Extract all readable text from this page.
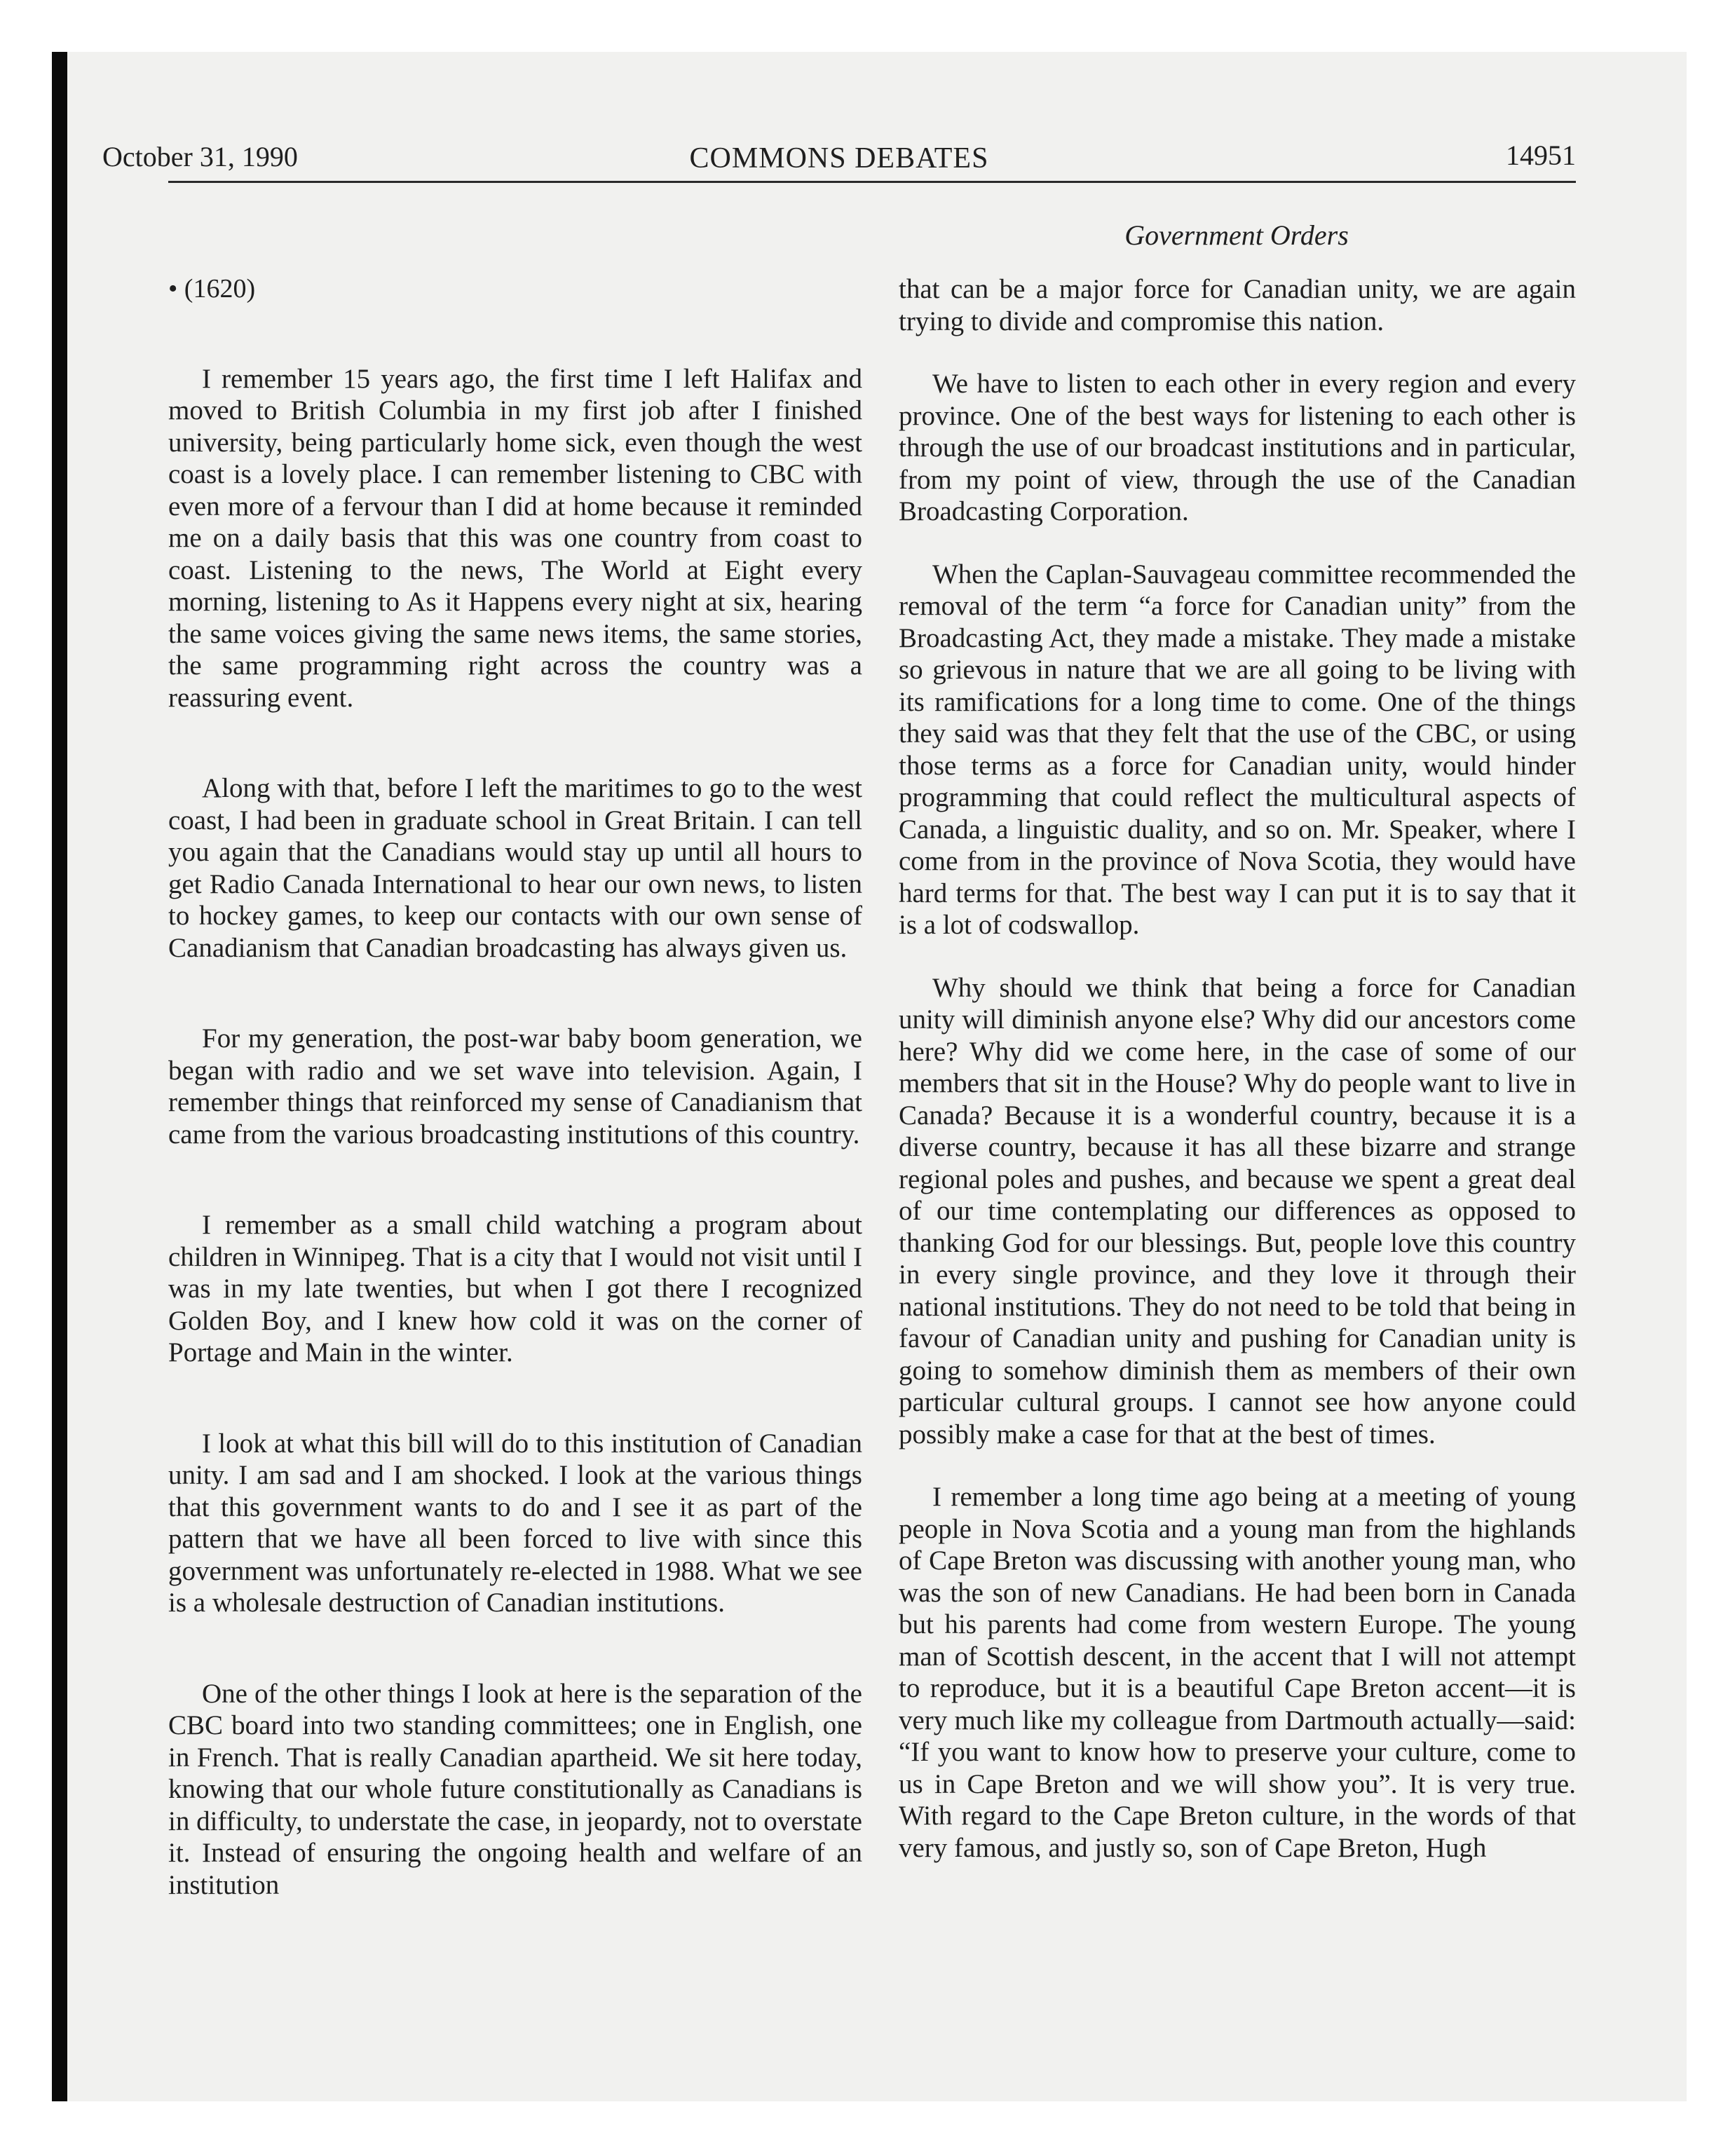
October 31, 1990	COMMONS DEBATES	14951
Government Orders
• (1620)

I remember 15 years ago, the first time I left Halifax and moved to British Columbia in my first job after I finished university, being particularly home sick, even though the west coast is a lovely place. I can remember listening to CBC with even more of a fervour than I did at home because it reminded me on a daily basis that this was one country from coast to coast. Listening to the news, The World at Eight every morning, listening to As it Happens every night at six, hearing the same voices giving the same news items, the same stories, the same programming right across the country was a reassuring event.

Along with that, before I left the maritimes to go to the west coast, I had been in graduate school in Great Britain. I can tell you again that the Canadians would stay up until all hours to get Radio Canada International to hear our own news, to listen to hockey games, to keep our contacts with our own sense of Canadianism that Canadian broadcasting has always given us.

For my generation, the post-war baby boom generation, we began with radio and we set wave into television. Again, I remember things that reinforced my sense of Canadianism that came from the various broadcasting institutions of this country.

I remember as a small child watching a program about children in Winnipeg. That is a city that I would not visit until I was in my late twenties, but when I got there I recognized Golden Boy, and I knew how cold it was on the corner of Portage and Main in the winter.

I look at what this bill will do to this institution of Canadian unity. I am sad and I am shocked. I look at the various things that this government wants to do and I see it as part of the pattern that we have all been forced to live with since this government was unfortunately re-elected in 1988. What we see is a wholesale destruction of Canadian institutions.

One of the other things I look at here is the separation of the CBC board into two standing committees; one in English, one in French. That is really Canadian apartheid. We sit here today, knowing that our whole future constitutionally as Canadians is in difficulty, to understate the case, in jeopardy, not to overstate it. Instead of ensuring the ongoing health and welfare of an institution

that can be a major force for Canadian unity, we are again trying to divide and compromise this nation.

We have to listen to each other in every region and every province. One of the best ways for listening to each other is through the use of our broadcast institutions and in particular, from my point of view, through the use of the Canadian Broadcasting Corporation.

When the Caplan-Sauvageau committee recommended the removal of the term “a force for Canadian unity” from the Broadcasting Act, they made a mistake. They made a mistake so grievous in nature that we are all going to be living with its ramifications for a long time to come. One of the things they said was that they felt that the use of the CBC, or using those terms as a force for Canadian unity, would hinder programming that could reflect the multicultural aspects of Canada, a linguistic duality, and so on. Mr. Speaker, where I come from in the province of Nova Scotia, they would have hard terms for that. The best way I can put it is to say that it is a lot of codswallop.

Why should we think that being a force for Canadian unity will diminish anyone else? Why did our ancestors come here? Why did we come here, in the case of some of our members that sit in the House? Why do people want to live in Canada? Because it is a wonderful country, because it is a diverse country, because it has all these bizarre and strange regional poles and pushes, and because we spent a great deal of our time contemplating our differences as opposed to thanking God for our blessings. But, people love this country in every single province, and they love it through their national institutions. They do not need to be told that being in favour of Canadian unity and pushing for Canadian unity is going to somehow diminish them as members of their own particular cultural groups. I cannot see how anyone could possibly make a case for that at the best of times.

I remember a long time ago being at a meeting of young people in Nova Scotia and a young man from the highlands of Cape Breton was discussing with another young man, who was the son of new Canadians. He had been born in Canada but his parents had come from western Europe. The young man of Scottish descent, in the accent that I will not attempt to reproduce, but it is a beautiful Cape Breton accent—it is very much like my colleague from Dartmouth actually—said: “If you want to know how to preserve your culture, come to us in Cape Breton and we will show you”. It is very true. With regard to the Cape Breton culture, in the words of that very famous, and justly so, son of Cape Breton, Hugh
